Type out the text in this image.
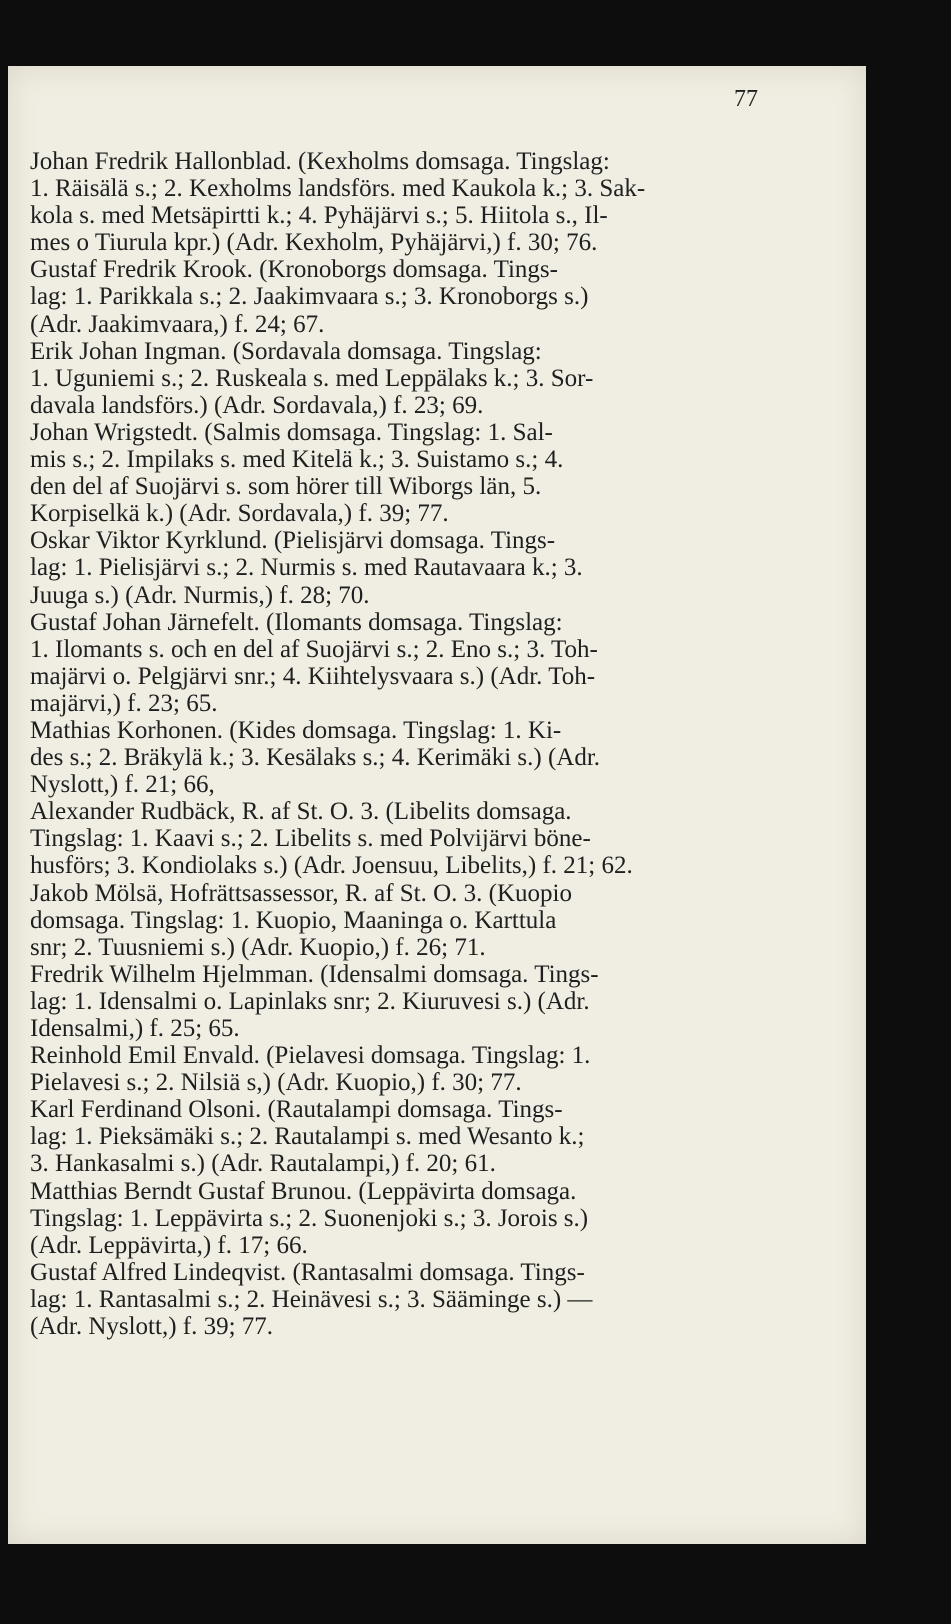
77
Johan Fredrik Hallonblad. (Kexholms domsaga. Tingslag:
1. Räisälä s.; 2. Kexholms landsförs. med Kaukola k.; 3. Sak-
kola s. med Metsäpirtti k.; 4. Pyhäjärvi s.; 5. Hiitola s., Il-
mes o Tiurula kpr.) (Adr. Kexholm, Pyhäjärvi,) f. 30; 76.
Gustaf Fredrik Krook. (Kronoborgs domsaga. Tings-
lag: 1. Parikkala s.; 2. Jaakimvaara s.; 3. Kronoborgs s.)
(Adr. Jaakimvaara,) f. 24; 67.
Erik Johan Ingman. (Sordavala domsaga. Tingslag:
1. Uguniemi s.; 2. Ruskeala s. med Leppälaks k.; 3. Sor-
davala landsförs.) (Adr. Sordavala,) f. 23; 69.
Johan Wrigstedt. (Salmis domsaga. Tingslag: 1. Sal-
mis s.; 2. Impilaks s. med Kitelä k.; 3. Suistamo s.; 4.
den del af Suojärvi s. som hörer till Wiborgs län, 5.
Korpiselkä k.) (Adr. Sordavala,) f. 39; 77.
Oskar Viktor Kyrklund. (Pielisjärvi domsaga. Tings-
lag: 1. Pielisjärvi s.; 2. Nurmis s. med Rautavaara k.; 3.
Juuga s.) (Adr. Nurmis,) f. 28; 70.
Gustaf Johan Järnefelt. (Ilomants domsaga. Tingslag:
1. Ilomants s. och en del af Suojärvi s.; 2. Eno s.; 3. Toh-
majärvi o. Pelgjärvi snr.; 4. Kiihtelysvaara s.) (Adr. Toh-
majärvi,) f. 23; 65.
Mathias Korhonen. (Kides domsaga. Tingslag: 1. Ki-
des s.; 2. Bräkylä k.; 3. Kesälaks s.; 4. Kerimäki s.) (Adr.
Nyslott,) f. 21; 66,
Alexander Rudbäck, R. af St. O. 3. (Libelits domsaga.
Tingslag: 1. Kaavi s.; 2. Libelits s. med Polvijärvi böne-
husförs; 3. Kondiolaks s.) (Adr. Joensuu, Libelits,) f. 21; 62.
Jakob Mölsä, Hofrättsassessor, R. af St. O. 3. (Kuopio
domsaga. Tingslag: 1. Kuopio, Maaninga o. Karttula
snr; 2. Tuusniemi s.) (Adr. Kuopio,) f. 26; 71.
Fredrik Wilhelm Hjelmman. (Idensalmi domsaga. Tings-
lag: 1. Idensalmi o. Lapinlaks snr; 2. Kiuruvesi s.) (Adr.
Idensalmi,) f. 25; 65.
Reinhold Emil Envald. (Pielavesi domsaga. Tingslag: 1.
Pielavesi s.; 2. Nilsiä s,) (Adr. Kuopio,) f. 30; 77.
Karl Ferdinand Olsoni. (Rautalampi domsaga. Tings-
lag: 1. Pieksämäki s.; 2. Rautalampi s. med Wesanto k.;
3. Hankasalmi s.) (Adr. Rautalampi,) f. 20; 61.
Matthias Berndt Gustaf Brunou. (Leppävirta domsaga.
Tingslag: 1. Leppävirta s.; 2. Suonenjoki s.; 3. Jorois s.)
(Adr. Leppävirta,) f. 17; 66.
Gustaf Alfred Lindeqvist. (Rantasalmi domsaga. Tings-
lag: 1. Rantasalmi s.; 2. Heinävesi s.; 3. Sääminge s.) —
(Adr. Nyslott,) f. 39; 77.
